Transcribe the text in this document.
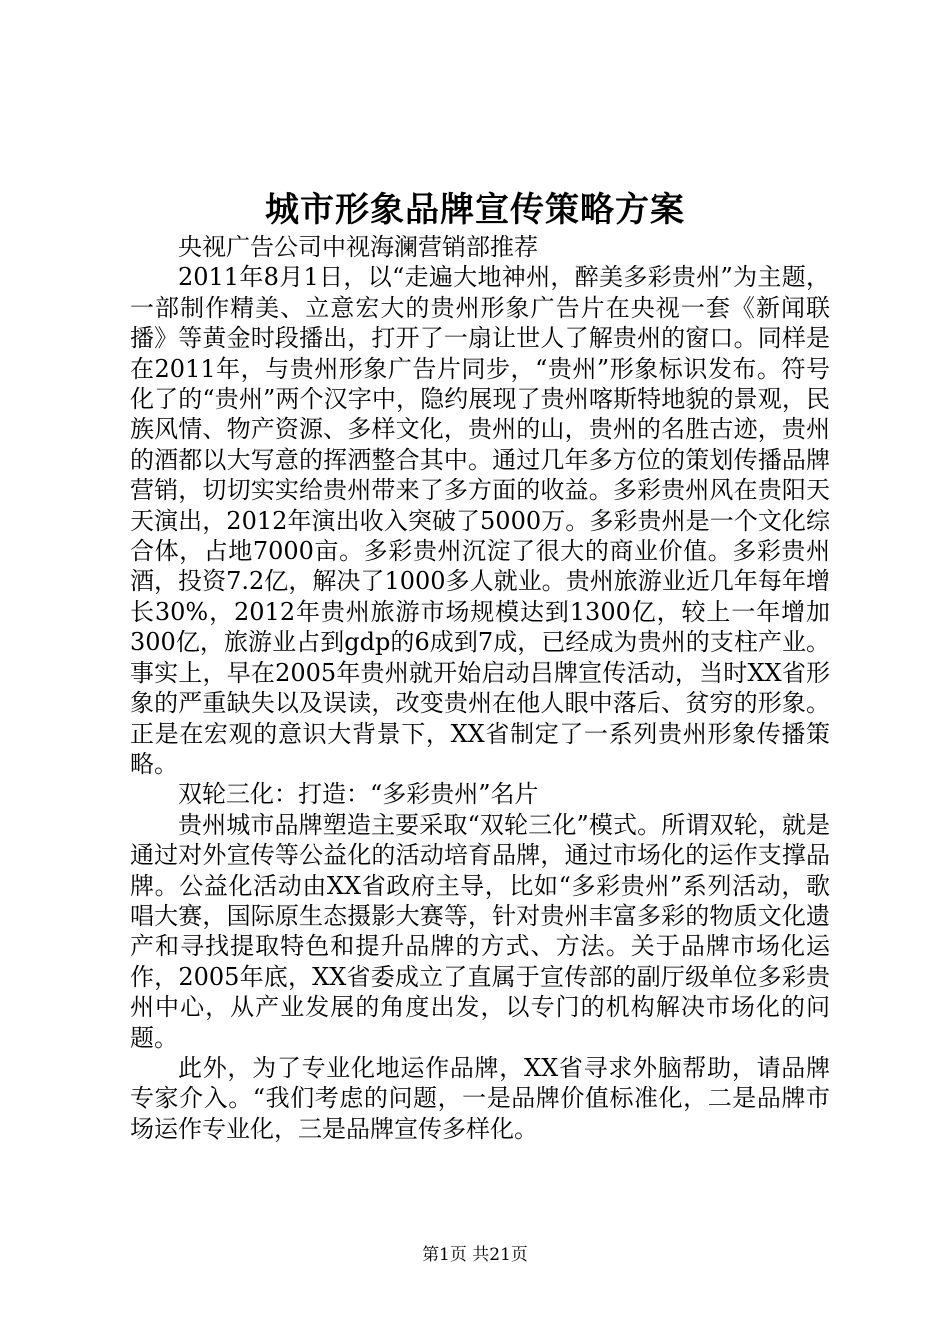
城市形象品牌宣传策略方案

央视广告公司中视海澜营销部推荐

2011年8月1日，以“走遍大地神州，醉美多彩贵州”为主题，一部制作精美、立意宏大的贵州形象广告片在央视一套《新闻联播》等黄金时段播出，打开了一扇让世人了解贵州的窗口。同样是在2011年，与贵州形象广告片同步，“贵州”形象标识发布。符号化了的“贵州”两个汉字中，隐约展现了贵州喀斯特地貌的景观，民族风情、物产资源、多样文化，贵州的山，贵州的名胜古迹，贵州的酒都以大写意的挥洒整合其中。通过几年多方位的策划传播品牌营销，切切实实给贵州带来了多方面的收益。多彩贵州风在贵阳天天演出，2012年演出收入突破了5000万。多彩贵州是一个文化综合体，占地7000亩。多彩贵州沉淀了很大的商业价值。多彩贵州酒，投资7.2亿，解决了1000多人就业。贵州旅游业近几年每年增长30%，2012年贵州旅游市场规模达到1300亿，较上一年增加300亿，旅游业占到gdp的6成到7成，已经成为贵州的支柱产业。事实上，早在2005年贵州就开始启动吕牌宣传活动，当时XX省形象的严重缺失以及误读，改变贵州在他人眼中落后、贫穷的形象。正是在宏观的意识大背景下，XX省制定了一系列贵州形象传播策略。

双轮三化：打造：“多彩贵州”名片

贵州城市品牌塑造主要采取“双轮三化”模式。所谓双轮，就是通过对外宣传等公益化的活动培育品牌，通过市场化的运作支撑品牌。公益化活动由XX省政府主导，比如“多彩贵州”系列活动，歌唱大赛，国际原生态摄影大赛等，针对贵州丰富多彩的物质文化遗产和寻找提取特色和提升品牌的方式、方法。关于品牌市场化运作，2005年底，XX省委成立了直属于宣传部的副厅级单位多彩贵州中心，从产业发展的角度出发，以专门的机构解决市场化的问题。

此外，为了专业化地运作品牌，XX省寻求外脑帮助，请品牌专家介入。“我们考虑的问题，一是品牌价值标准化，二是品牌市场运作专业化，三是品牌宣传多样化。

第1页 共21页
